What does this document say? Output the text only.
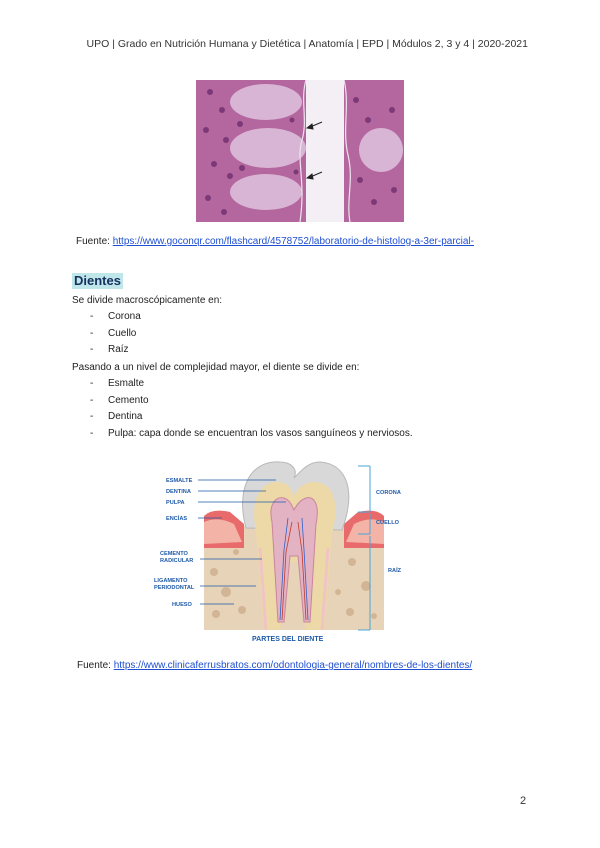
UPO | Grado en Nutrición Humana y Dietética | Anatomía | EPD | Módulos 2, 3 y 4 | 2020-2021
Fuente: https://www.goconqr.com/flashcard/4578752/laboratorio-de-histolog-a-3er-parcial-
Dientes
Se divide macroscópicamente en:
- Corona
- Cuello
- Raíz
Pasando a un nivel de complejidad mayor, el diente se divide en:
- Esmalte
- Cemento
- Dentina
- Pulpa: capa donde se encuentran los vasos sanguíneos y nerviosos.
ESMALTE
DENTINA
PULPA
ENCÍAS
CEMENTO
RADICULAR
LIGAMENTO
PERIODONTAL
HUESO
CORONA
CUELLO
RAÍZ
PARTES DEL DIENTE
Fuente: https://www.clinicaferrusbratos.com/odontologia-general/nombres-de-los-dientes/
2
